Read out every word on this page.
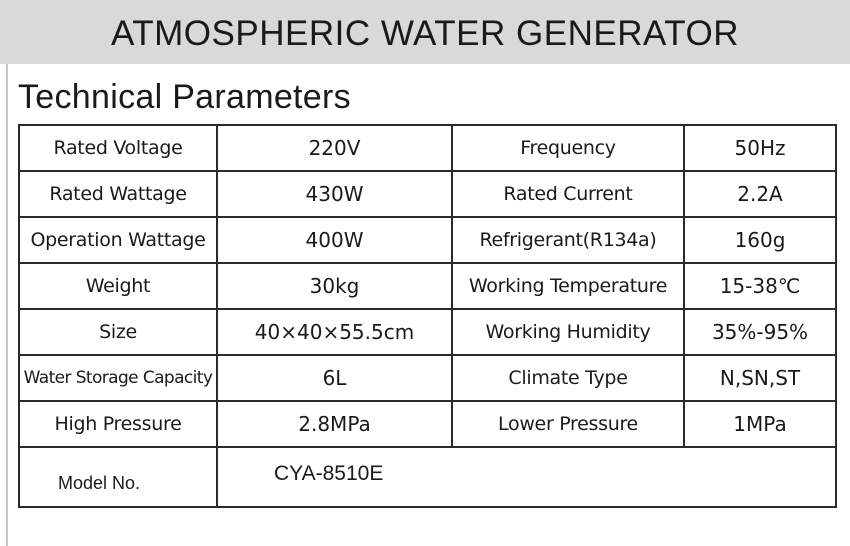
ATMOSPHERIC WATER GENERATOR
Technical Parameters
Rated Voltage	220V	Frequency	50Hz
Rated Wattage	430W	Rated Current	2.2A
Operation Wattage	400W	Refrigerant(R134a)	160g
Weight	30kg	Working Temperature	15-38℃
Size	40×40×55.5cm	Working Humidity	35%-95%
Water Storage Capacity	6L	Climate Type	N,SN,ST
High Pressure	2.8MPa	Lower Pressure	1MPa
Model No.	CYA-8510E		
